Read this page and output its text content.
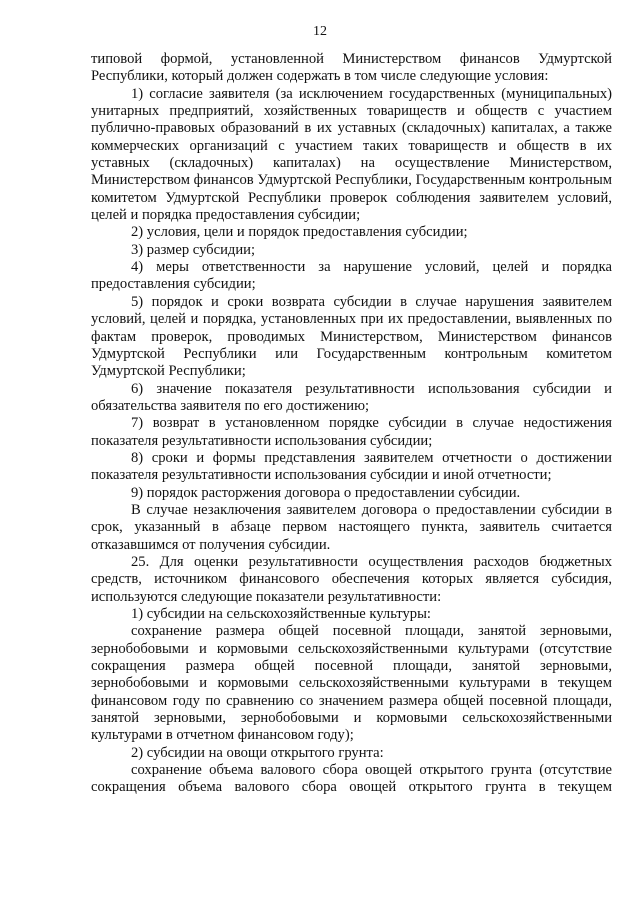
12

типовой формой, установленной Министерством финансов Удмуртской Республики, который должен содержать в том числе следующие условия:

1) согласие заявителя (за исключением государственных (муниципальных) унитарных предприятий, хозяйственных товариществ и обществ с участием публично-правовых образований в их уставных (складочных) капиталах, а также коммерческих организаций с участием таких товариществ и обществ в их уставных (складочных) капиталах) на осуществление Министерством, Министерством финансов Удмуртской Республики, Государственным контрольным комитетом Удмуртской Республики проверок соблюдения заявителем условий, целей и порядка предоставления субсидии;

2) условия, цели и порядок предоставления субсидии;

3) размер субсидии;

4) меры ответственности за нарушение условий, целей и порядка предоставления субсидии;

5) порядок и сроки возврата субсидии в случае нарушения заявителем условий, целей и порядка, установленных при их предоставлении, выявленных по фактам проверок, проводимых Министерством, Министерством финансов Удмуртской Республики или Государственным контрольным комитетом Удмуртской Республики;

6) значение показателя результативности использования субсидии и обязательства заявителя по его достижению;

7) возврат в установленном порядке субсидии в случае недостижения показателя результативности использования субсидии;

8) сроки и формы представления заявителем отчетности о достижении показателя результативности использования субсидии и иной отчетности;

9) порядок расторжения договора о предоставлении субсидии.

В случае незаключения заявителем договора о предоставлении субсидии в срок, указанный в абзаце первом настоящего пункта, заявитель считается отказавшимся от получения субсидии.

25. Для оценки результативности осуществления расходов бюджетных средств, источником финансового обеспечения которых является субсидия, используются следующие показатели результативности:

1) субсидии на сельскохозяйственные культуры:

сохранение размера общей посевной площади, занятой зерновыми, зернобобовыми и кормовыми сельскохозяйственными культурами (отсутствие сокращения размера общей посевной площади, занятой зерновыми, зернобобовыми и кормовыми сельскохозяйственными культурами в текущем финансовом году по сравнению со значением размера общей посевной площади, занятой зерновыми, зернобобовыми и кормовыми сельскохозяйственными культурами в отчетном финансовом году);

2) субсидии на овощи открытого грунта:

сохранение объема валового сбора овощей открытого грунта (отсутствие сокращения объема валового сбора овощей открытого грунта в текущем
